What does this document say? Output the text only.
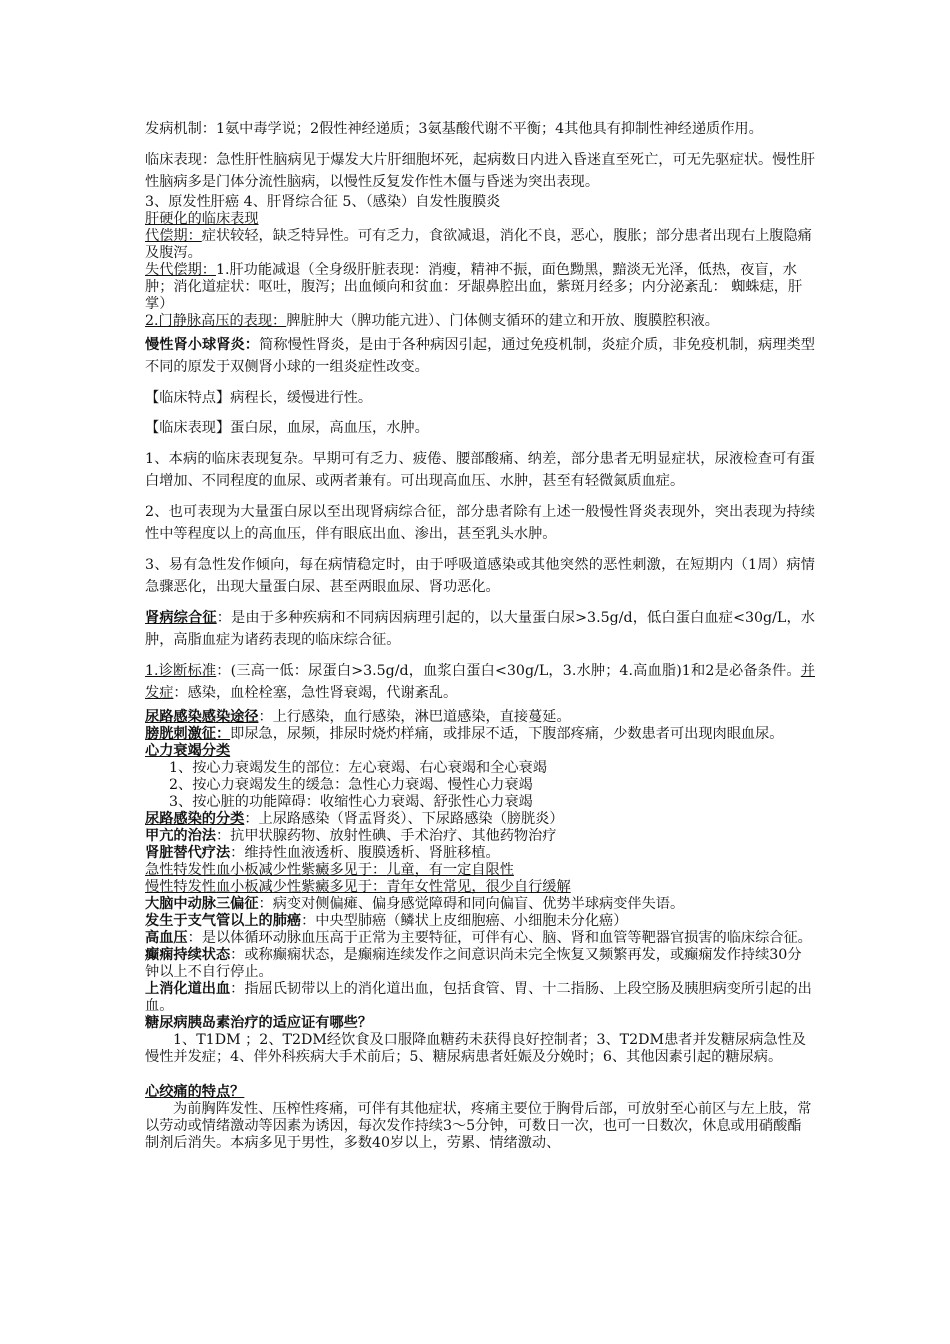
发病机制：1氨中毒学说；2假性神经递质；3氨基酸代谢不平衡；4其他具有抑制性神经递质作用。

临床表现：急性肝性脑病见于爆发大片肝细胞坏死，起病数日内进入昏迷直至死亡，可无先驱症状。慢性肝性脑病多是门体分流性脑病，以慢性反复发作性木僵与昏迷为突出表现。

3、原发性肝癌 4、肝肾综合征 5、（感染）自发性腹膜炎

肝硬化的临床表现

代偿期：症状较轻，缺乏特异性。可有乏力，食欲减退，消化不良，恶心，腹胀；部分患者出现右上腹隐痛及腹泻。

失代偿期：1.肝功能减退（全身级肝脏表现：消瘦，精神不振，面色黝黑，黯淡无光泽，低热，夜盲，水肿；消化道症状：呕吐，腹泻；出血倾向和贫血：牙龈鼻腔出血，紫斑月经多；内分泌紊乱： 蜘蛛痣，肝掌）

2.门静脉高压的表现：脾脏肿大（脾功能亢进）、门体侧支循环的建立和开放、腹膜腔积液。

慢性肾小球肾炎：简称慢性肾炎，是由于各种病因引起，通过免疫机制，炎症介质，非免疫机制，病理类型不同的原发于双侧肾小球的一组炎症性改变。

【临床特点】病程长，缓慢进行性。

【临床表现】蛋白尿，血尿，高血压，水肿。

1、本病的临床表现复杂。早期可有乏力、疲倦、腰部酸痛、纳差，部分患者无明显症状，尿液检查可有蛋白增加、不同程度的血尿、或两者兼有。可出现高血压、水肿，甚至有轻微氮质血症。

2、也可表现为大量蛋白尿以至出现肾病综合征，部分患者除有上述一般慢性肾炎表现外，突出表现为持续性中等程度以上的高血压，伴有眼底出血、渗出，甚至乳头水肿。

3、易有急性发作倾向，每在病情稳定时，由于呼吸道感染或其他突然的恶性刺激，在短期内（1周）病情急骤恶化，出现大量蛋白尿、甚至两眼血尿、肾功恶化。

肾病综合征：是由于多种疾病和不同病因病理引起的，以大量蛋白尿>3.5g/d，低白蛋白血症<30g/L，水肿，高脂血症为诸药表现的临床综合征。

1.诊断标准：(三高一低：尿蛋白>3.5g/d，血浆白蛋白<30g/L，3.水肿；4.高血脂)1和2是必备条件。并发症：感染，血栓栓塞，急性肾衰竭，代谢紊乱。

尿路感染感染途径：上行感染，血行感染，淋巴道感染，直接蔓延。

膀胱刺激征：即尿急，尿频，排尿时烧灼样痛，或排尿不适，下腹部疼痛，少数患者可出现肉眼血尿。

心力衰竭分类

1、按心力衰竭发生的部位：左心衰竭、右心衰竭和全心衰竭

2、按心力衰竭发生的缓急：急性心力衰竭、慢性心力衰竭

3、按心脏的功能障碍：收缩性心力衰竭、舒张性心力衰竭

尿路感染的分类：上尿路感染（肾盂肾炎）、下尿路感染（膀胱炎）

甲亢的治法：抗甲状腺药物、放射性碘、手术治疗、其他药物治疗

肾脏替代疗法：维持性血液透析、腹膜透析、肾脏移植。

急性特发性血小板减少性紫癜多见于：儿童，有一定自限性

慢性特发性血小板减少性紫癜多见于：青年女性常见，很少自行缓解

大脑中动脉三偏征：病变对侧偏瘫、偏身感觉障碍和同向偏盲、优势半球病变伴失语。

发生于支气管以上的肺癌：中央型肺癌（鳞状上皮细胞癌、小细胞未分化癌）

高血压：是以体循环动脉血压高于正常为主要特征，可伴有心、脑、肾和血管等靶器官损害的临床综合征。

癫痫持续状态：或称癫痫状态，是癫痫连续发作之间意识尚未完全恢复又频繁再发，或癫痫发作持续30分钟以上不自行停止。

上消化道出血：指屈氏韧带以上的消化道出血，包括食管、胃、十二指肠、上段空肠及胰胆病变所引起的出血。

糖尿病胰岛素治疗的适应证有哪些？

1、T1DM ；2、T2DM经饮食及口服降血糖药未获得良好控制者；3、T2DM患者并发糖尿病急性及慢性并发症；4、伴外科疾病大手术前后；5、糖尿病患者妊娠及分娩时；6、其他因素引起的糖尿病。

心绞痛的特点？

为前胸阵发性、压榨性疼痛，可伴有其他症状，疼痛主要位于胸骨后部，可放射至心前区与左上肢，常以劳动或情绪激动等因素为诱因，每次发作持续3～5分钟，可数日一次，也可一日数次，休息或用硝酸酯制剂后消失。本病多见于男性，多数40岁以上，劳累、情绪激动、
